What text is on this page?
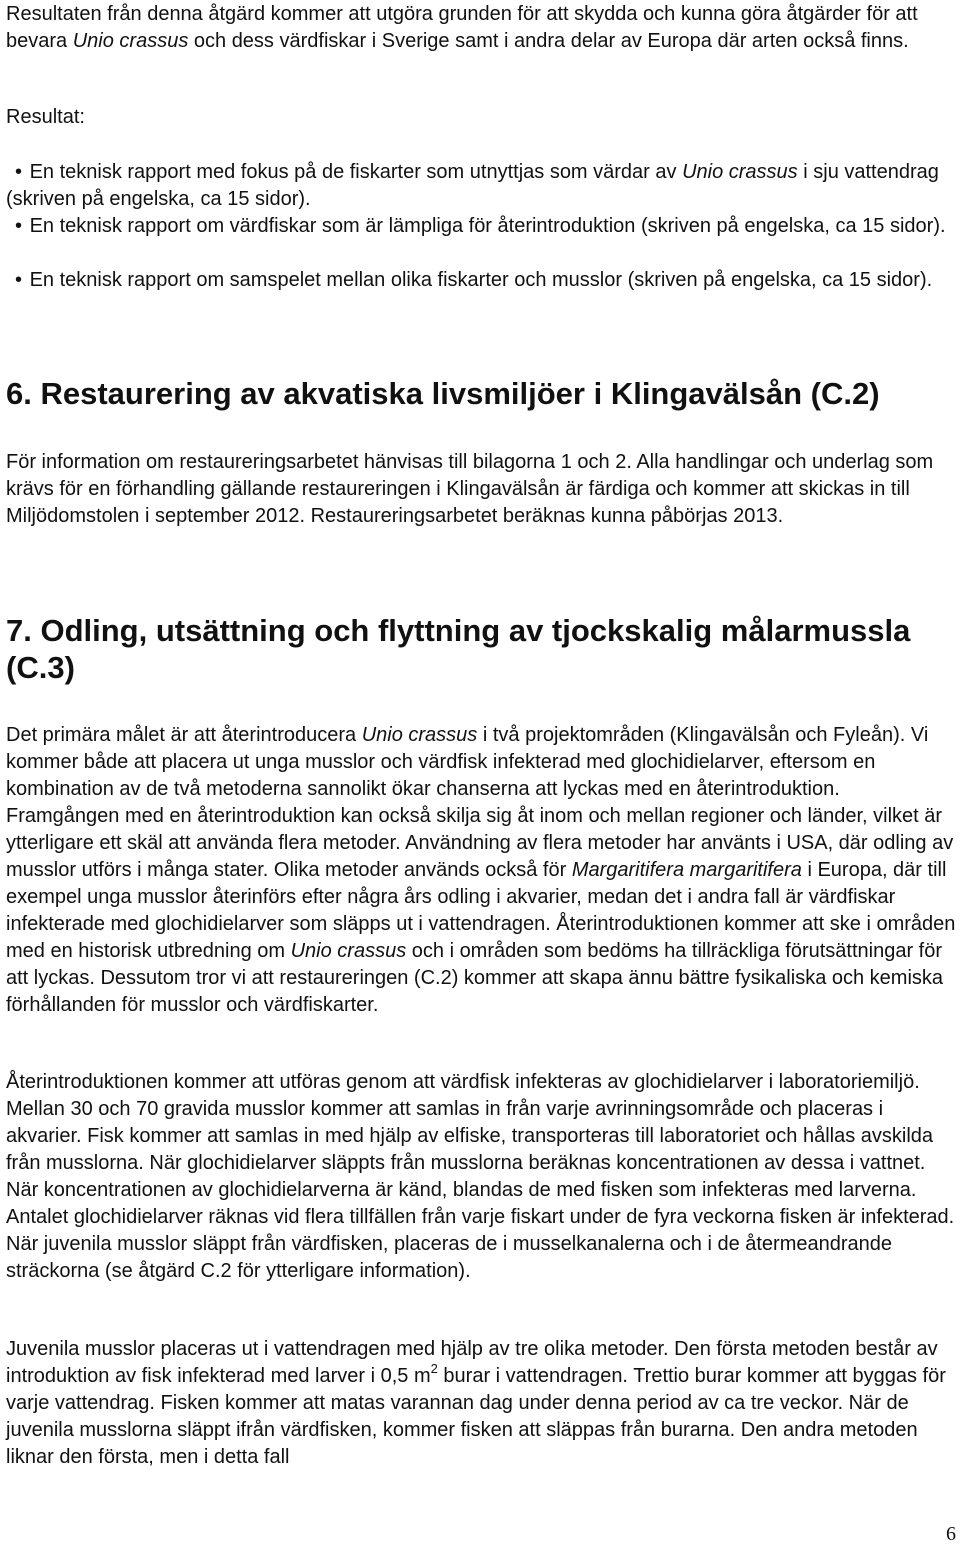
Resultaten från denna åtgärd kommer att utgöra grunden för att skydda och kunna göra åtgärder för att bevara Unio crassus och dess värdfiskar i Sverige samt i andra delar av Europa där arten också finns.

Resultat:

• En teknisk rapport med fokus på de fiskarter som utnyttjas som värdar av Unio crassus i sju vattendrag (skriven på engelska, ca 15 sidor).

• En teknisk rapport om värdfiskar som är lämpliga för återintroduktion (skriven på engelska, ca 15 sidor).

• En teknisk rapport om samspelet mellan olika fiskarter och musslor (skriven på engelska, ca 15 sidor).

6. Restaurering av akvatiska livsmiljöer i Klingavälsån (C.2)

För information om restaureringsarbetet hänvisas till bilagorna 1 och 2. Alla handlingar och underlag som krävs för en förhandling gällande restaureringen i Klingavälsån är färdiga och kommer att skickas in till Miljödomstolen i september 2012. Restaureringsarbetet beräknas kunna påbörjas 2013.

7. Odling, utsättning och flyttning av tjockskalig målarmussla (C.3)

Det primära målet är att återintroducera Unio crassus i två projektområden (Klingavälsån och Fyleån). Vi kommer både att placera ut unga musslor och värdfisk infekterad med glochidielarver, eftersom en kombination av de två metoderna sannolikt ökar chanserna att lyckas med en återintroduktion. Framgången med en återintroduktion kan också skilja sig åt inom och mellan regioner och länder, vilket är ytterligare ett skäl att använda flera metoder. Användning av flera metoder har använts i USA, där odling av musslor utförs i många stater. Olika metoder används också för Margaritifera margaritifera i Europa, där till exempel unga musslor återinförs efter några års odling i akvarier, medan det i andra fall är värdfiskar infekterade med glochidielarver som släpps ut i vattendragen. Återintroduktionen kommer att ske i områden med en historisk utbredning om Unio crassus och i områden som bedöms ha tillräckliga förutsättningar för att lyckas. Dessutom tror vi att restaureringen (C.2) kommer att skapa ännu bättre fysikaliska och kemiska förhållanden för musslor och värdfiskarter.

Återintroduktionen kommer att utföras genom att värdfisk infekteras av glochidielarver i laboratoriemiljö. Mellan 30 och 70 gravida musslor kommer att samlas in från varje avrinningsområde och placeras i akvarier. Fisk kommer att samlas in med hjälp av elfiske, transporteras till laboratoriet och hållas avskilda från musslorna. När glochidielarver släppts från musslorna beräknas koncentrationen av dessa i vattnet. När koncentrationen av glochidielarverna är känd, blandas de med fisken som infekteras med larverna. Antalet glochidielarver räknas vid flera tillfällen från varje fiskart under de fyra veckorna fisken är infekterad. När juvenila musslor släppt från värdfisken, placeras de i musselkanalerna och i de återmeandrande sträckorna (se åtgärd C.2 för ytterligare information).

Juvenila musslor placeras ut i vattendragen med hjälp av tre olika metoder. Den första metoden består av introduktion av fisk infekterad med larver i 0,5 $m^2$ burar i vattendragen. Trettio burar kommer att byggas för varje vattendrag. Fisken kommer att matas varannan dag under denna period av ca tre veckor. När de juvenila musslorna släppt ifrån värdfisken, kommer fisken att släppas från burarna. Den andra metoden liknar den första, men i detta fall

6
